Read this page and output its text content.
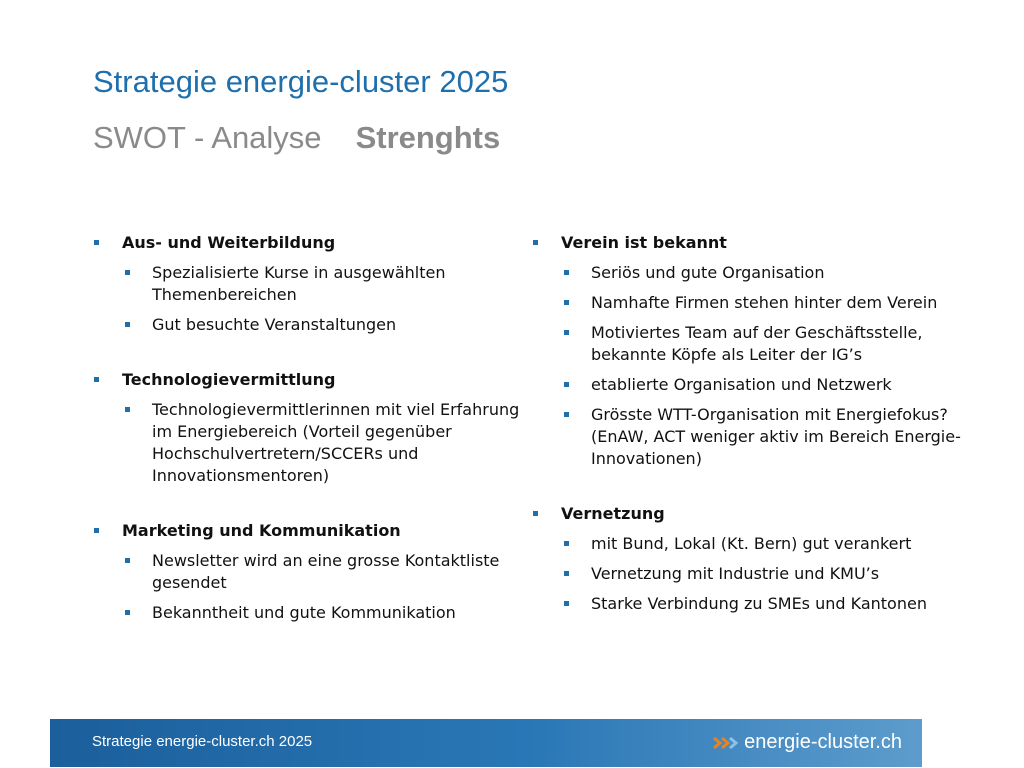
Strategie energie-cluster 2025
SWOT - Analyse Strenghts
Aus- und Weiterbildung
Spezialisierte Kurse in ausgewählten Themenbereichen
Gut besuchte Veranstaltungen
Technologievermittlung
Technologievermittlerinnen mit viel Erfahrung im Energiebereich (Vorteil gegenüber Hochschulvertretern/SCCERs und Innovationsmentoren)
Marketing und Kommunikation
Newsletter wird an eine grosse Kontaktliste gesendet
Bekanntheit und gute Kommunikation
Verein ist bekannt
Seriös und gute Organisation
Namhafte Firmen stehen hinter dem Verein
Motiviertes Team auf der Geschäftsstelle, bekannte Köpfe als Leiter der IG’s
etablierte Organisation und Netzwerk
Grösste WTT-Organisation mit Energiefokus? (EnAW, ACT weniger aktiv im Bereich Energie-Innovationen)
Vernetzung
mit Bund, Lokal (Kt. Bern) gut verankert
Vernetzung mit Industrie und KMU’s
Starke Verbindung zu SMEs und Kantonen
Strategie energie-cluster.ch 2025	energie-cluster.ch
